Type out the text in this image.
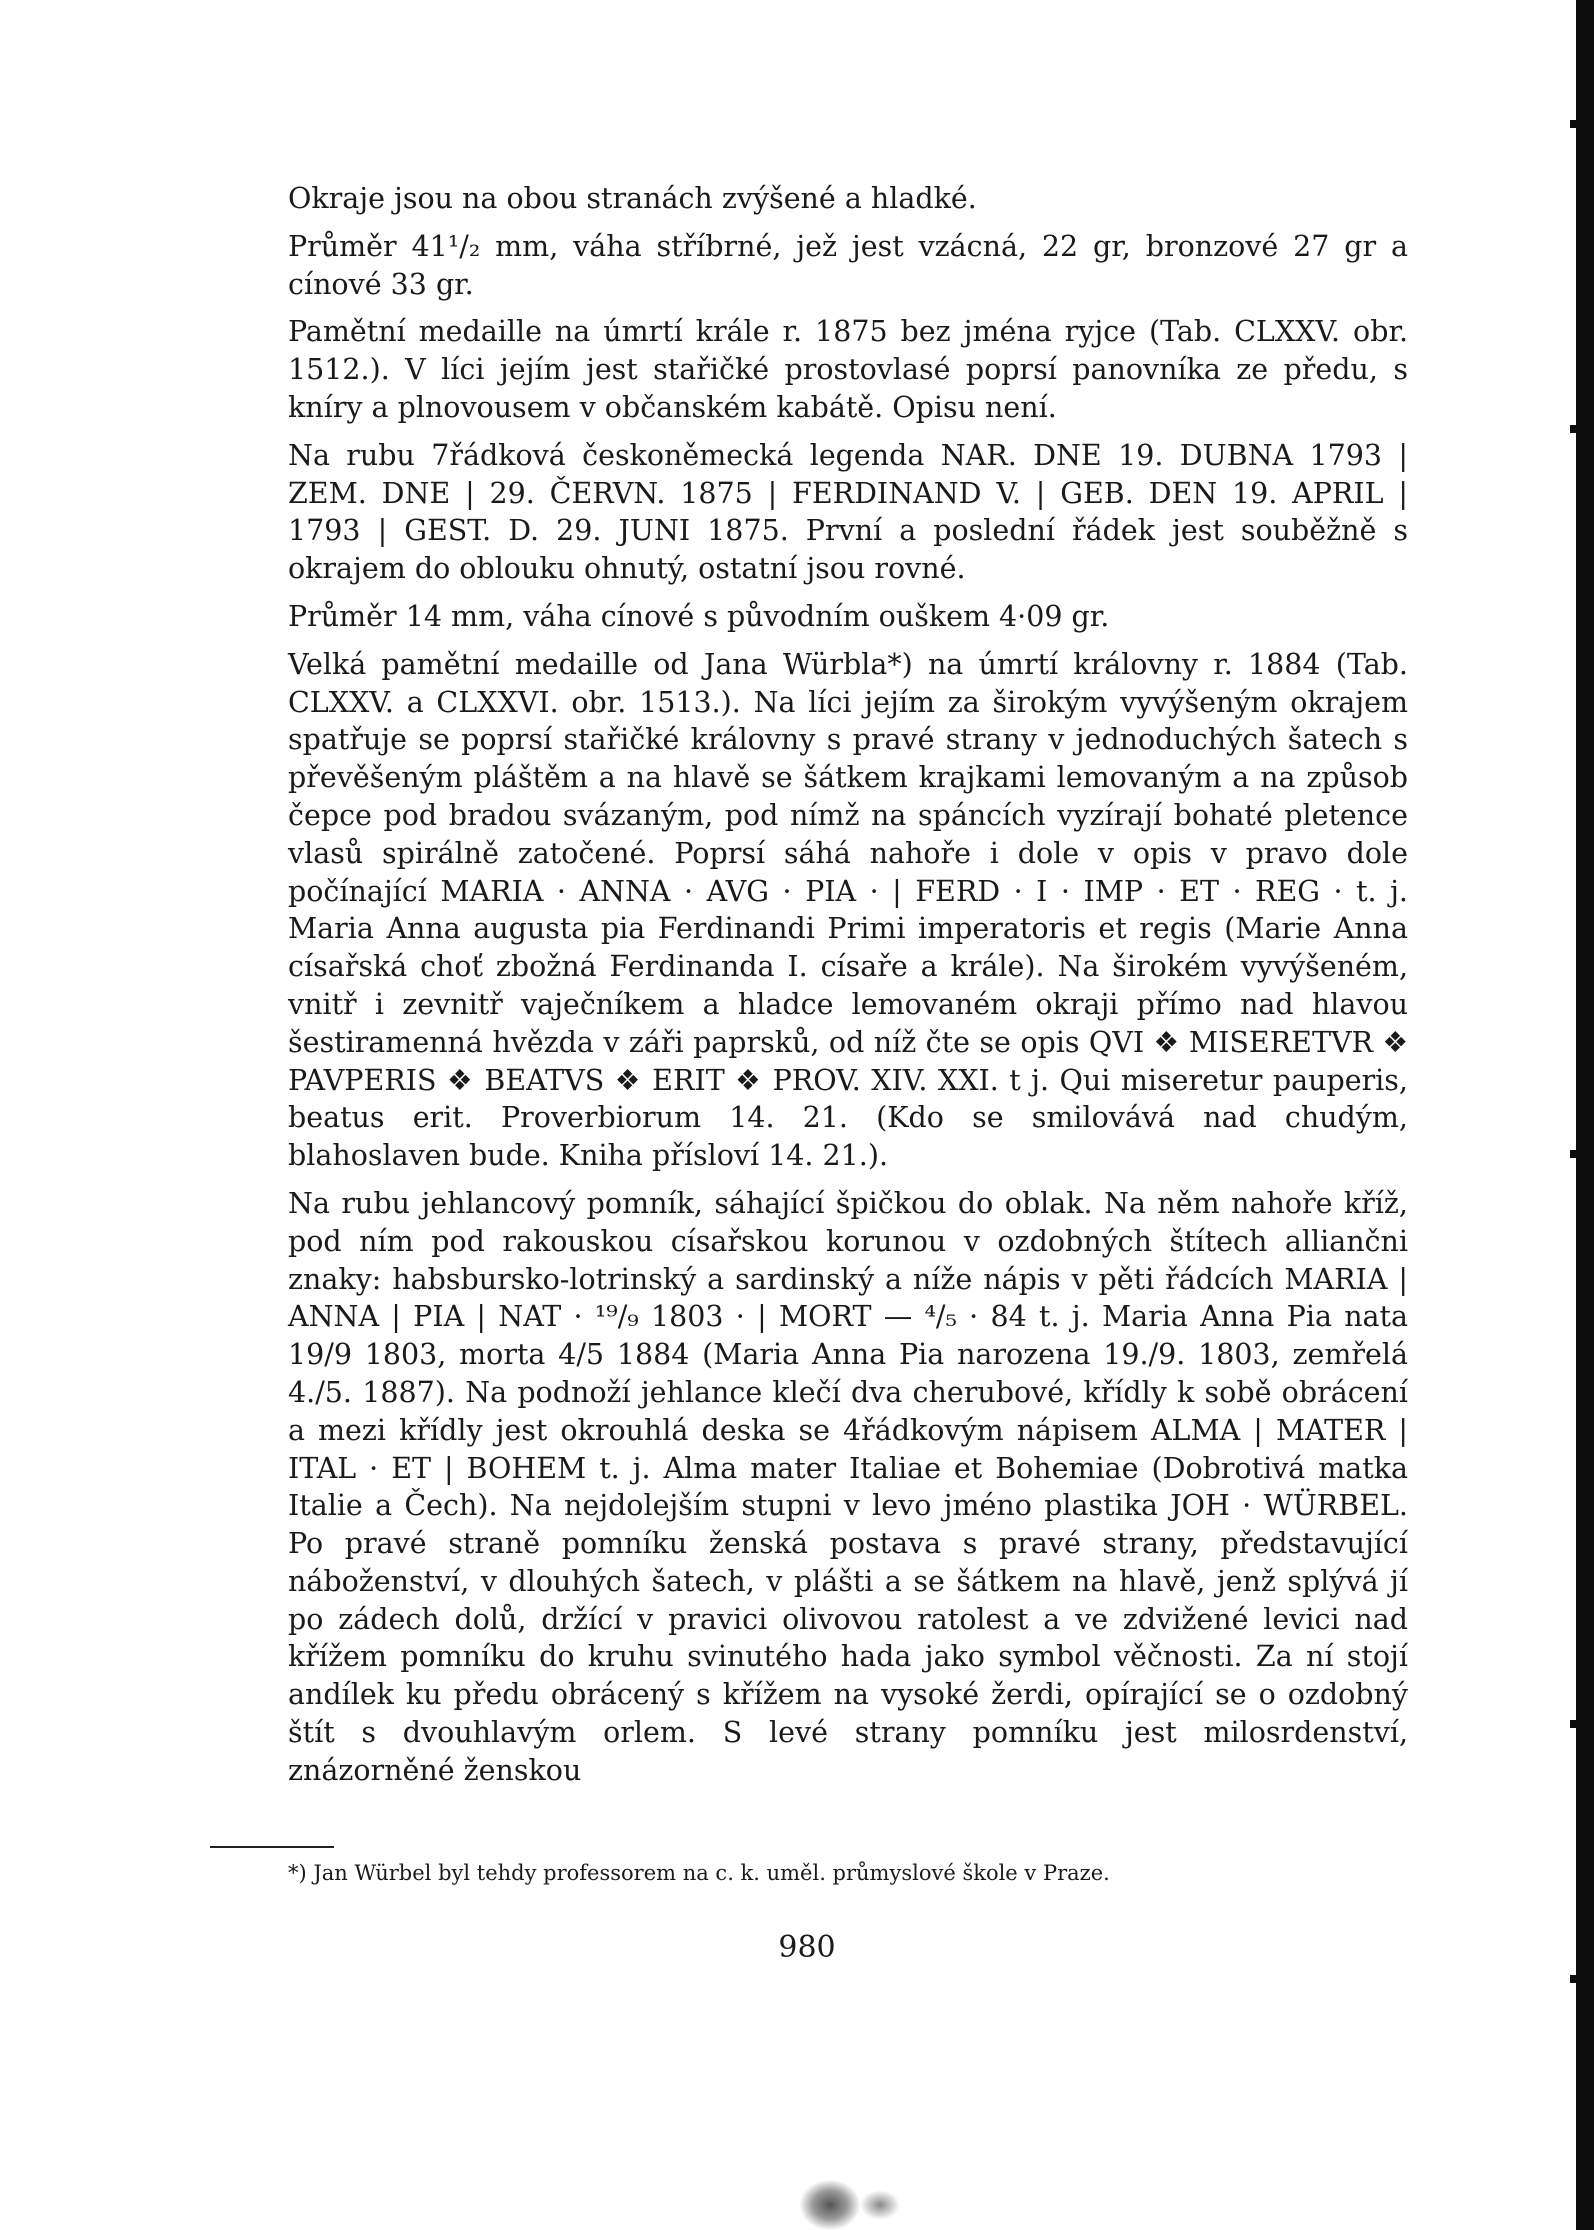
Okraje jsou na obou stranách zvýšené a hladké.

Průměr 41¹/₂ mm, váha stříbrné, jež jest vzácná, 22 gr, bronzové 27 gr a cínové 33 gr.

Pamětní medaille na úmrtí krále r. 1875 bez jména ryjce (Tab. CLXXV. obr. 1512.). V líci jejím jest stařičké prostovlasé poprsí panovníka ze předu, s kníry a plnovousem v občanském kabátě. Opisu není.

Na rubu 7řádková českoněmecká legenda NAR. DNE 19. DUBNA 1793 | ZEM. DNE | 29. ČERVN. 1875 | FERDINAND V. | GEB. DEN 19. APRIL | 1793 | GEST. D. 29. JUNI 1875. První a poslední řádek jest souběžně s okrajem do oblouku ohnutý, ostatní jsou rovné.

Průměr 14 mm, váha cínové s původním ouškem 4·09 gr.

Velká pamětní medaille od Jana Würbla*) na úmrtí královny r. 1884 (Tab. CLXXV. a CLXXVI. obr. 1513.). Na líci jejím za širokým vyvýšeným okrajem spatřuje se poprsí stařičké královny s pravé strany v jednoduchých šatech s převěšeným pláštěm a na hlavě se šátkem krajkami lemovaným a na způsob čepce pod bradou svázaným, pod nímž na spáncích vyzírají bohaté pletence vlasů spirálně zatočené. Poprsí sáhá nahoře i dole v opis v pravo dole počínající MARIA · ANNA · AVG · PIA · | FERD · I · IMP · ET · REG · t. j. Maria Anna augusta pia Ferdinandi Primi imperatoris et regis (Marie Anna císařská choť zbožná Ferdinanda I. císaře a krále). Na širokém vyvýšeném, vnitř i zevnitř vaječníkem a hladce lemovaném okraji přímo nad hlavou šestiramenná hvězda v záři paprsků, od níž čte se opis QVI ❖ MISERETVR ❖ PAVPERIS ❖ BEATVS ❖ ERIT ❖ PROV. XIV. XXI. t j. Qui miseretur pauperis, beatus erit. Proverbiorum 14. 21. (Kdo se smilovává nad chudým, blahoslaven bude. Kniha přísloví 14. 21.).

Na rubu jehlancový pomník, sáhající špičkou do oblak. Na něm nahoře kříž, pod ním pod rakouskou císařskou korunou v ozdobných štítech alliančni znaky: habsbursko-lotrinský a sardinský a níže nápis v pěti řádcích MARIA | ANNA | PIA | NAT · ¹⁹/₉ 1803 · | MORT — ⁴/₅ · 84 t. j. Maria Anna Pia nata 19/9 1803, morta 4/5 1884 (Maria Anna Pia narozena 19./9. 1803, zemřelá 4./5. 1887). Na podnoží jehlance klečí dva cherubové, křídly k sobě obrácení a mezi křídly jest okrouhlá deska se 4řádkovým nápisem ALMA | MATER | ITAL · ET | BOHEM t. j. Alma mater Italiae et Bohemiae (Dobrotivá matka Italie a Čech). Na nejdolejším stupni v levo jméno plastika JOH · WÜRBEL. Po pravé straně pomníku ženská postava s pravé strany, představující náboženství, v dlouhých šatech, v plášti a se šátkem na hlavě, jenž splývá jí po zádech dolů, držící v pravici olivovou ratolest a ve zdvižené levici nad křížem pomníku do kruhu svinutého hada jako symbol věčnosti. Za ní stojí andílek ku předu obrácený s křížem na vysoké žerdi, opírající se o ozdobný štít s dvouhlavým orlem. S levé strany pomníku jest milosrdenství, znázorněné ženskou

*) Jan Würbel byl tehdy professorem na c. k. uměl. průmyslové škole v Praze.
980
